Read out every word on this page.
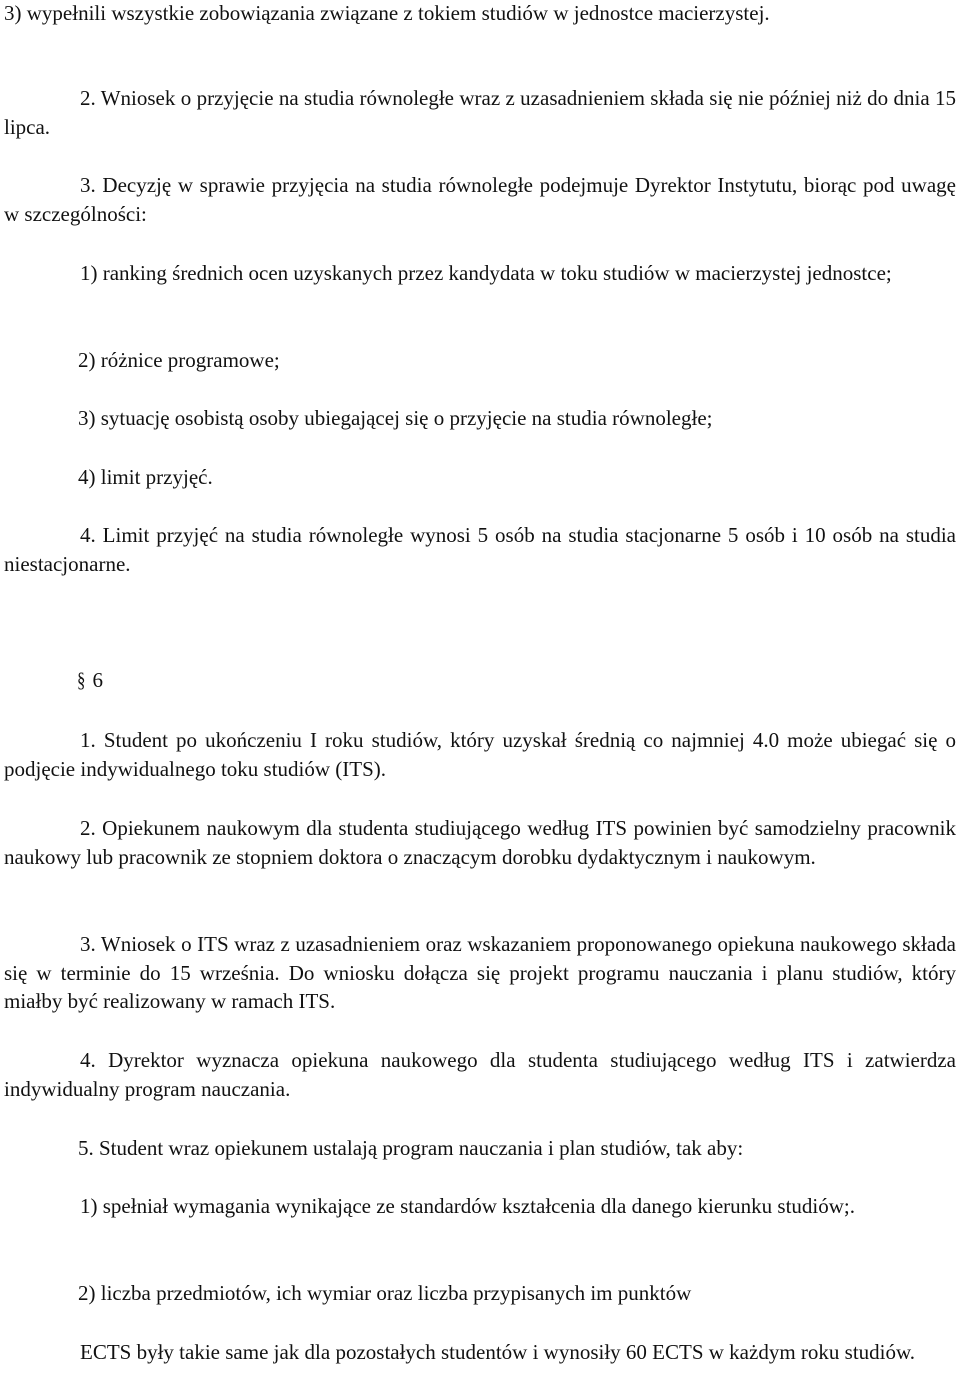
3) wypełnili wszystkie zobowiązania związane z tokiem studiów w jednostce macierzystej.

2. Wniosek o przyjęcie na studia równoległe wraz z uzasadnieniem składa się nie później niż do dnia 15 lipca.

3. Decyzję w sprawie przyjęcia na studia równoległe podejmuje Dyrektor Instytutu, biorąc pod uwagę w szczególności:

1) ranking średnich ocen uzyskanych przez kandydata w toku studiów w macierzystej jednostce;

2) różnice programowe;

3) sytuację osobistą osoby ubiegającej się o przyjęcie na studia równoległe;

4) limit przyjęć.

4. Limit przyjęć na studia równoległe wynosi 5 osób na studia stacjonarne 5 osób i 10 osób na studia niestacjonarne.

§ 6

1. Student po ukończeniu I roku studiów, który uzyskał średnią co najmniej 4.0 może ubiegać się o podjęcie indywidualnego toku studiów (ITS).

2. Opiekunem naukowym dla studenta studiującego według ITS powinien być samodzielny pracownik naukowy lub pracownik ze stopniem doktora o znaczącym dorobku dydaktycznym i naukowym.

3. Wniosek o ITS wraz z uzasadnieniem oraz wskazaniem proponowanego opiekuna naukowego składa się w terminie do 15 września. Do wniosku dołącza się projekt programu nauczania i planu studiów, który miałby być realizowany w ramach ITS.

4. Dyrektor wyznacza opiekuna naukowego dla studenta studiującego według ITS i zatwierdza indywidualny program nauczania.

5. Student wraz opiekunem ustalają program nauczania i plan studiów, tak aby:

1) spełniał wymagania wynikające ze standardów kształcenia dla danego kierunku studiów;.

2) liczba przedmiotów, ich wymiar oraz liczba przypisanych im punktów

ECTS były takie same jak dla pozostałych studentów i wynosiły 60 ECTS w każdym roku studiów.
